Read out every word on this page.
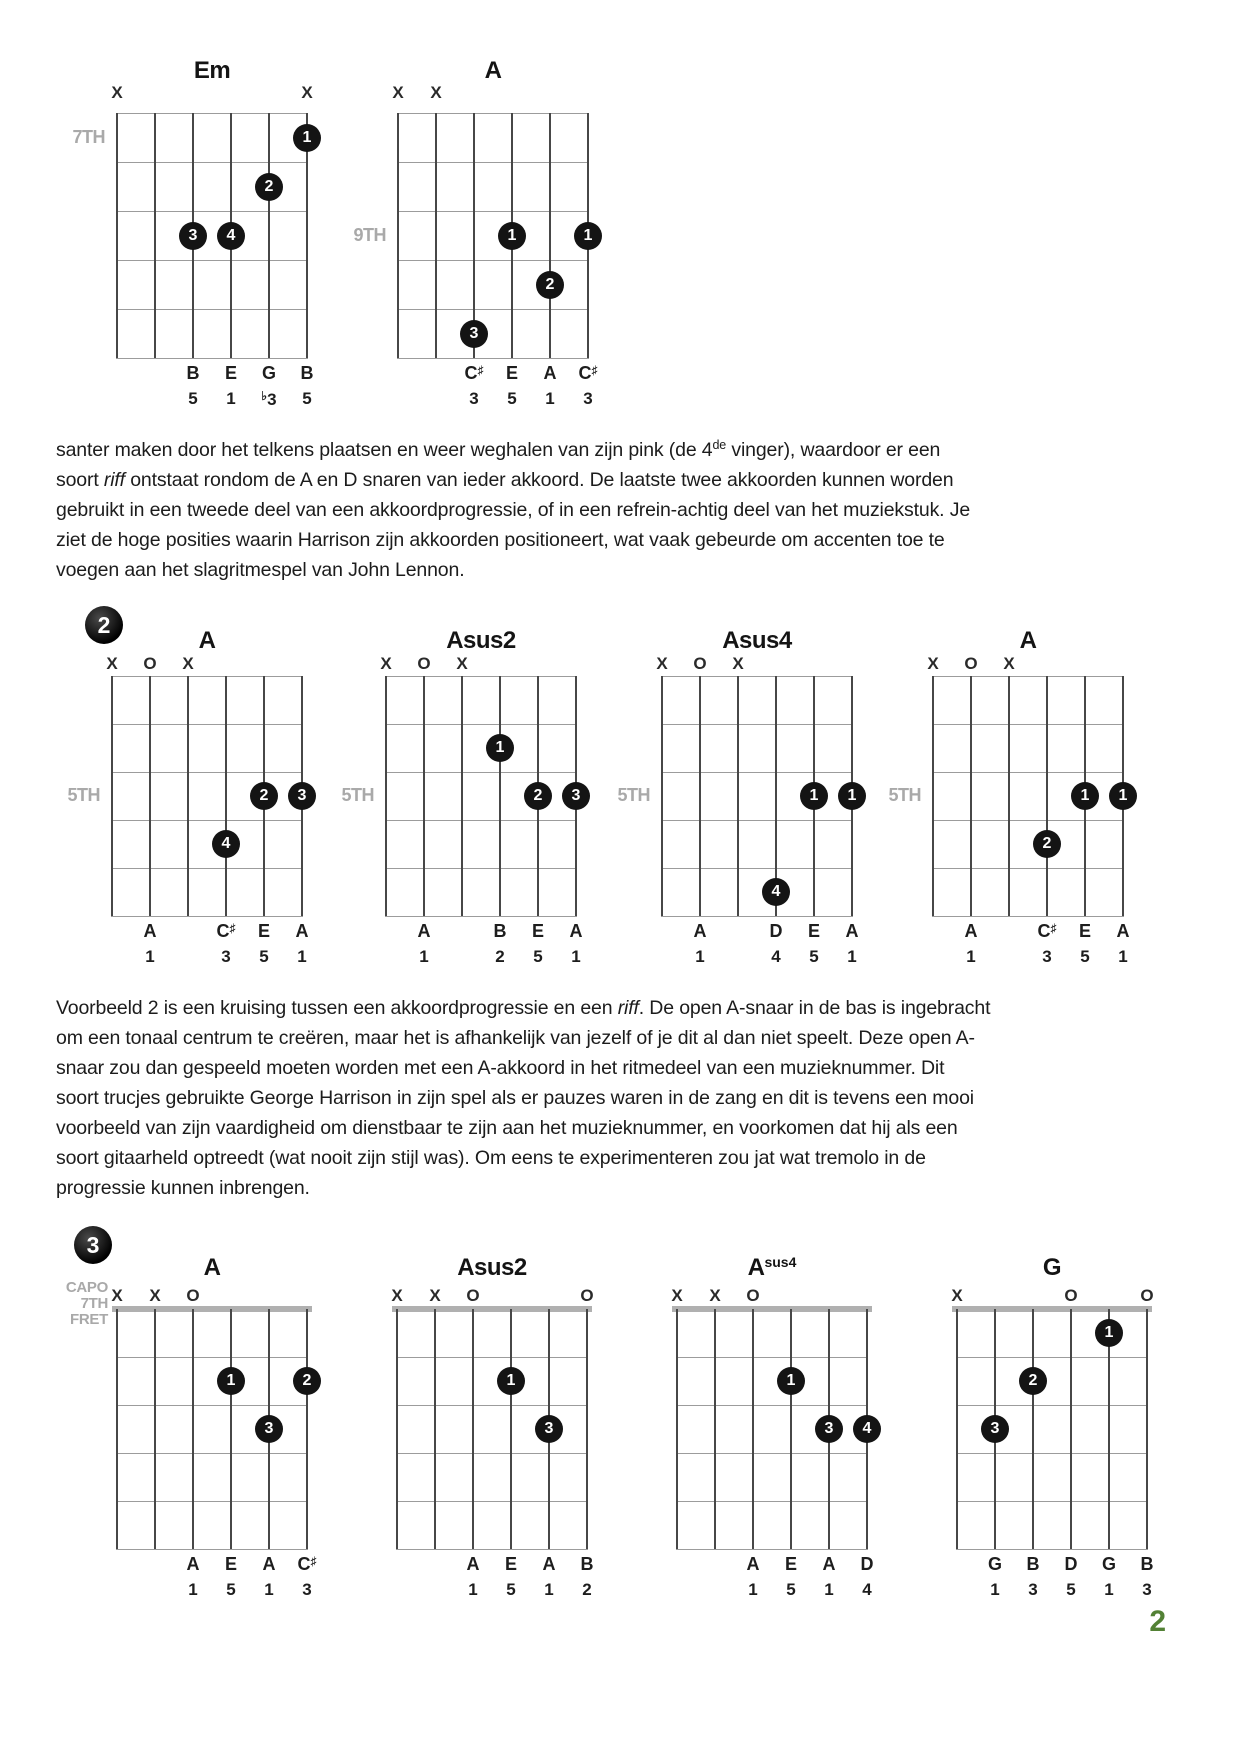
Em
X	X
7TH	1
2
3	4
B
5
E
1
G
♭3
B
5
A
X	X
9TH	1	1
2
3
C♯
3
E
5
A
1
C♯
3
2
A
X	O	X
5TH	2	3
4
A
1
C♯
3
E
5
A
1
Asus2
X	O	X
5TH
1
2	3
A
1
B
2
E
5
A
1
Asus4
X	O	X
5TH	1	1
4
A
1
D
4
E
5
A
1
A
X	O	X
5TH	1	1
2
A
1
C♯
3
E
5
A
1
3
CAPO
7TH
FRET
A
X	X	O
1	2
3
A
1
E
5
A
1
C♯
3
Asus2
X	X	O	O
1
3
A
1
E
5
A
1
B
2
$A^{sus4}$
X	X	O
1
3	4
A
1
E
5
A
1
D
4
G
X	O	O
1
2
3
G
1
B
3
D
5
G
1
B
3
santer maken door het telkens plaatsen en weer weghalen van zijn pink (de 4de vinger), waardoor er een
soort riff ontstaat rondom de A en D snaren van ieder akkoord. De laatste twee akkoorden kunnen worden
gebruikt in een tweede deel van een akkoordprogressie, of in een refrein-achtig deel van het muziekstuk. Je
ziet de hoge posities waarin Harrison zijn akkoorden positioneert, wat vaak gebeurde om accenten toe te
voegen aan het slagritmespel van John Lennon.
Voorbeeld 2 is een kruising tussen een akkoordprogressie en een riff. De open A-snaar in de bas is ingebracht
om een tonaal centrum te creëren, maar het is afhankelijk van jezelf of je dit al dan niet speelt. Deze open A-
snaar zou dan gespeeld moeten worden met een A-akkoord in het ritmedeel van een muzieknummer. Dit
soort trucjes gebruikte George Harrison in zijn spel als er pauzes waren in de zang en dit is tevens een mooi
voorbeeld van zijn vaardigheid om dienstbaar te zijn aan het muzieknummer, en voorkomen dat hij als een
soort gitaarheld optreedt (wat nooit zijn stijl was). Om eens te experimenteren zou jat wat tremolo in de
progressie kunnen inbrengen.
2
